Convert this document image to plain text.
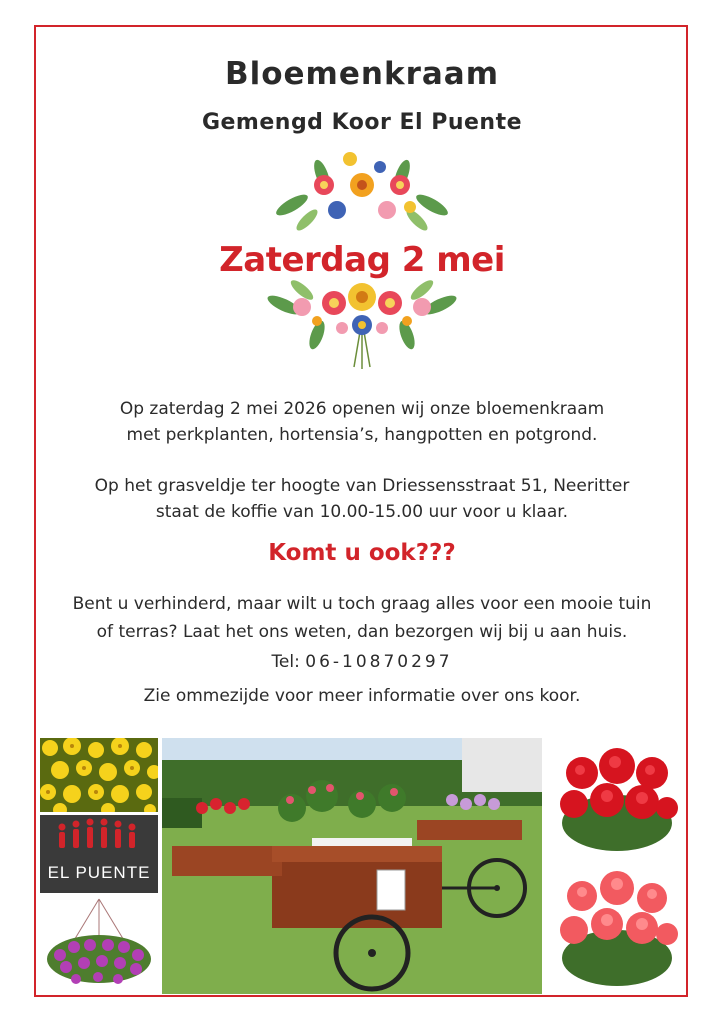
Bloemenkraam
Gemengd Koor El Puente
Zaterdag 2 mei
Op zaterdag 2 mei 2026 openen wij onze bloemenkraam
met perkplanten, hortensia’s, hangpotten en potgrond.
Op het grasveldje ter hoogte van Driessensstraat 51, Neeritter
staat de koffie van 10.00-15.00 uur voor u klaar.
Komt u ook???
Bent u verhinderd, maar wilt u toch graag alles voor een mooie tuin
of terras? Laat het ons weten, dan bezorgen wij bij u aan huis.
Tel: 06-10870297
Zie ommezijde voor meer informatie over ons koor.
EL PUENTE
